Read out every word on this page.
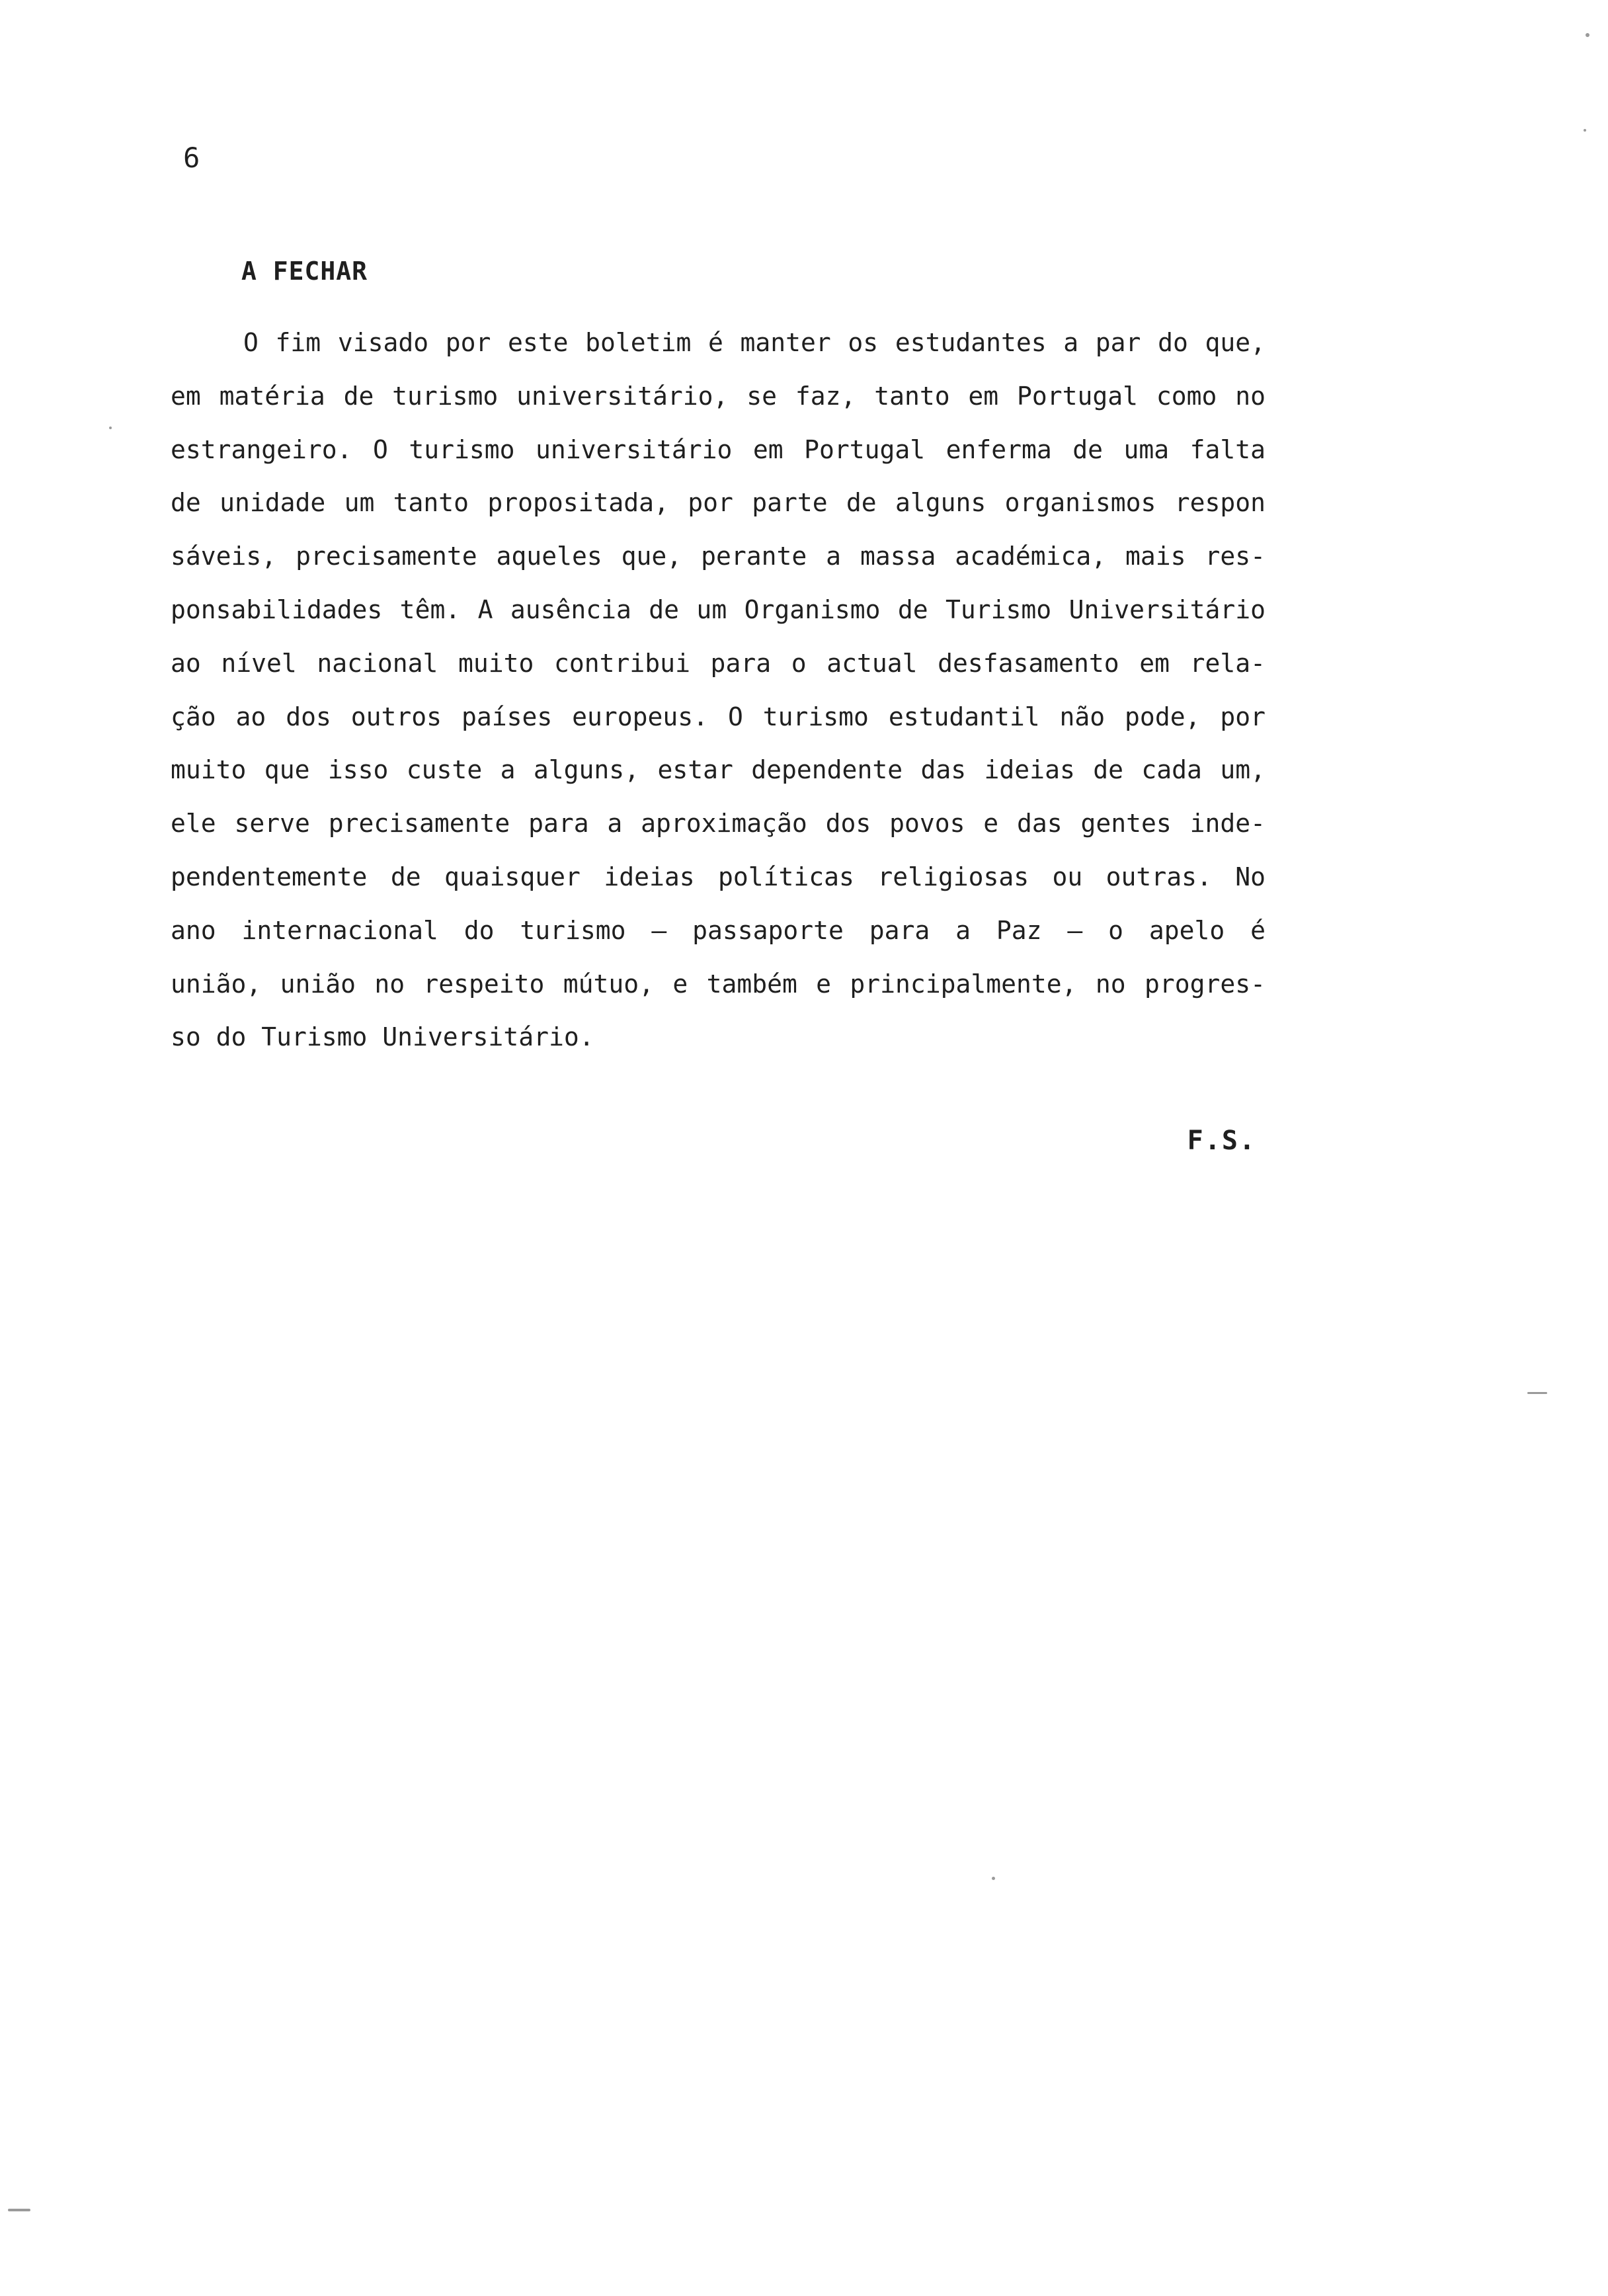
6
A FECHAR
O fim visado por este boletim é manter os estudantes a par do que,
em matéria de turismo universitário, se faz, tanto em Portugal como no
estrangeiro. O turismo universitário em Portugal enferma de uma falta
de unidade um tanto propositada, por parte de alguns organismos respon
sáveis, precisamente aqueles que, perante a massa académica, mais res-
ponsabilidades têm. A ausência de um Organismo de Turismo Universitário
ao nível nacional muito contribui para o actual desfasamento em rela-
ção ao dos outros países europeus. O turismo estudantil não pode, por
muito que isso custe a alguns, estar dependente das ideias de cada um,
ele serve precisamente para a aproximação dos povos e das gentes inde-
pendentemente de quaisquer ideias políticas religiosas ou outras. No
ano internacional do turismo — passaporte para a Paz — o apelo é
união, união no respeito mútuo, e também e principalmente, no progres-
so do Turismo Universitário.
F.S.
